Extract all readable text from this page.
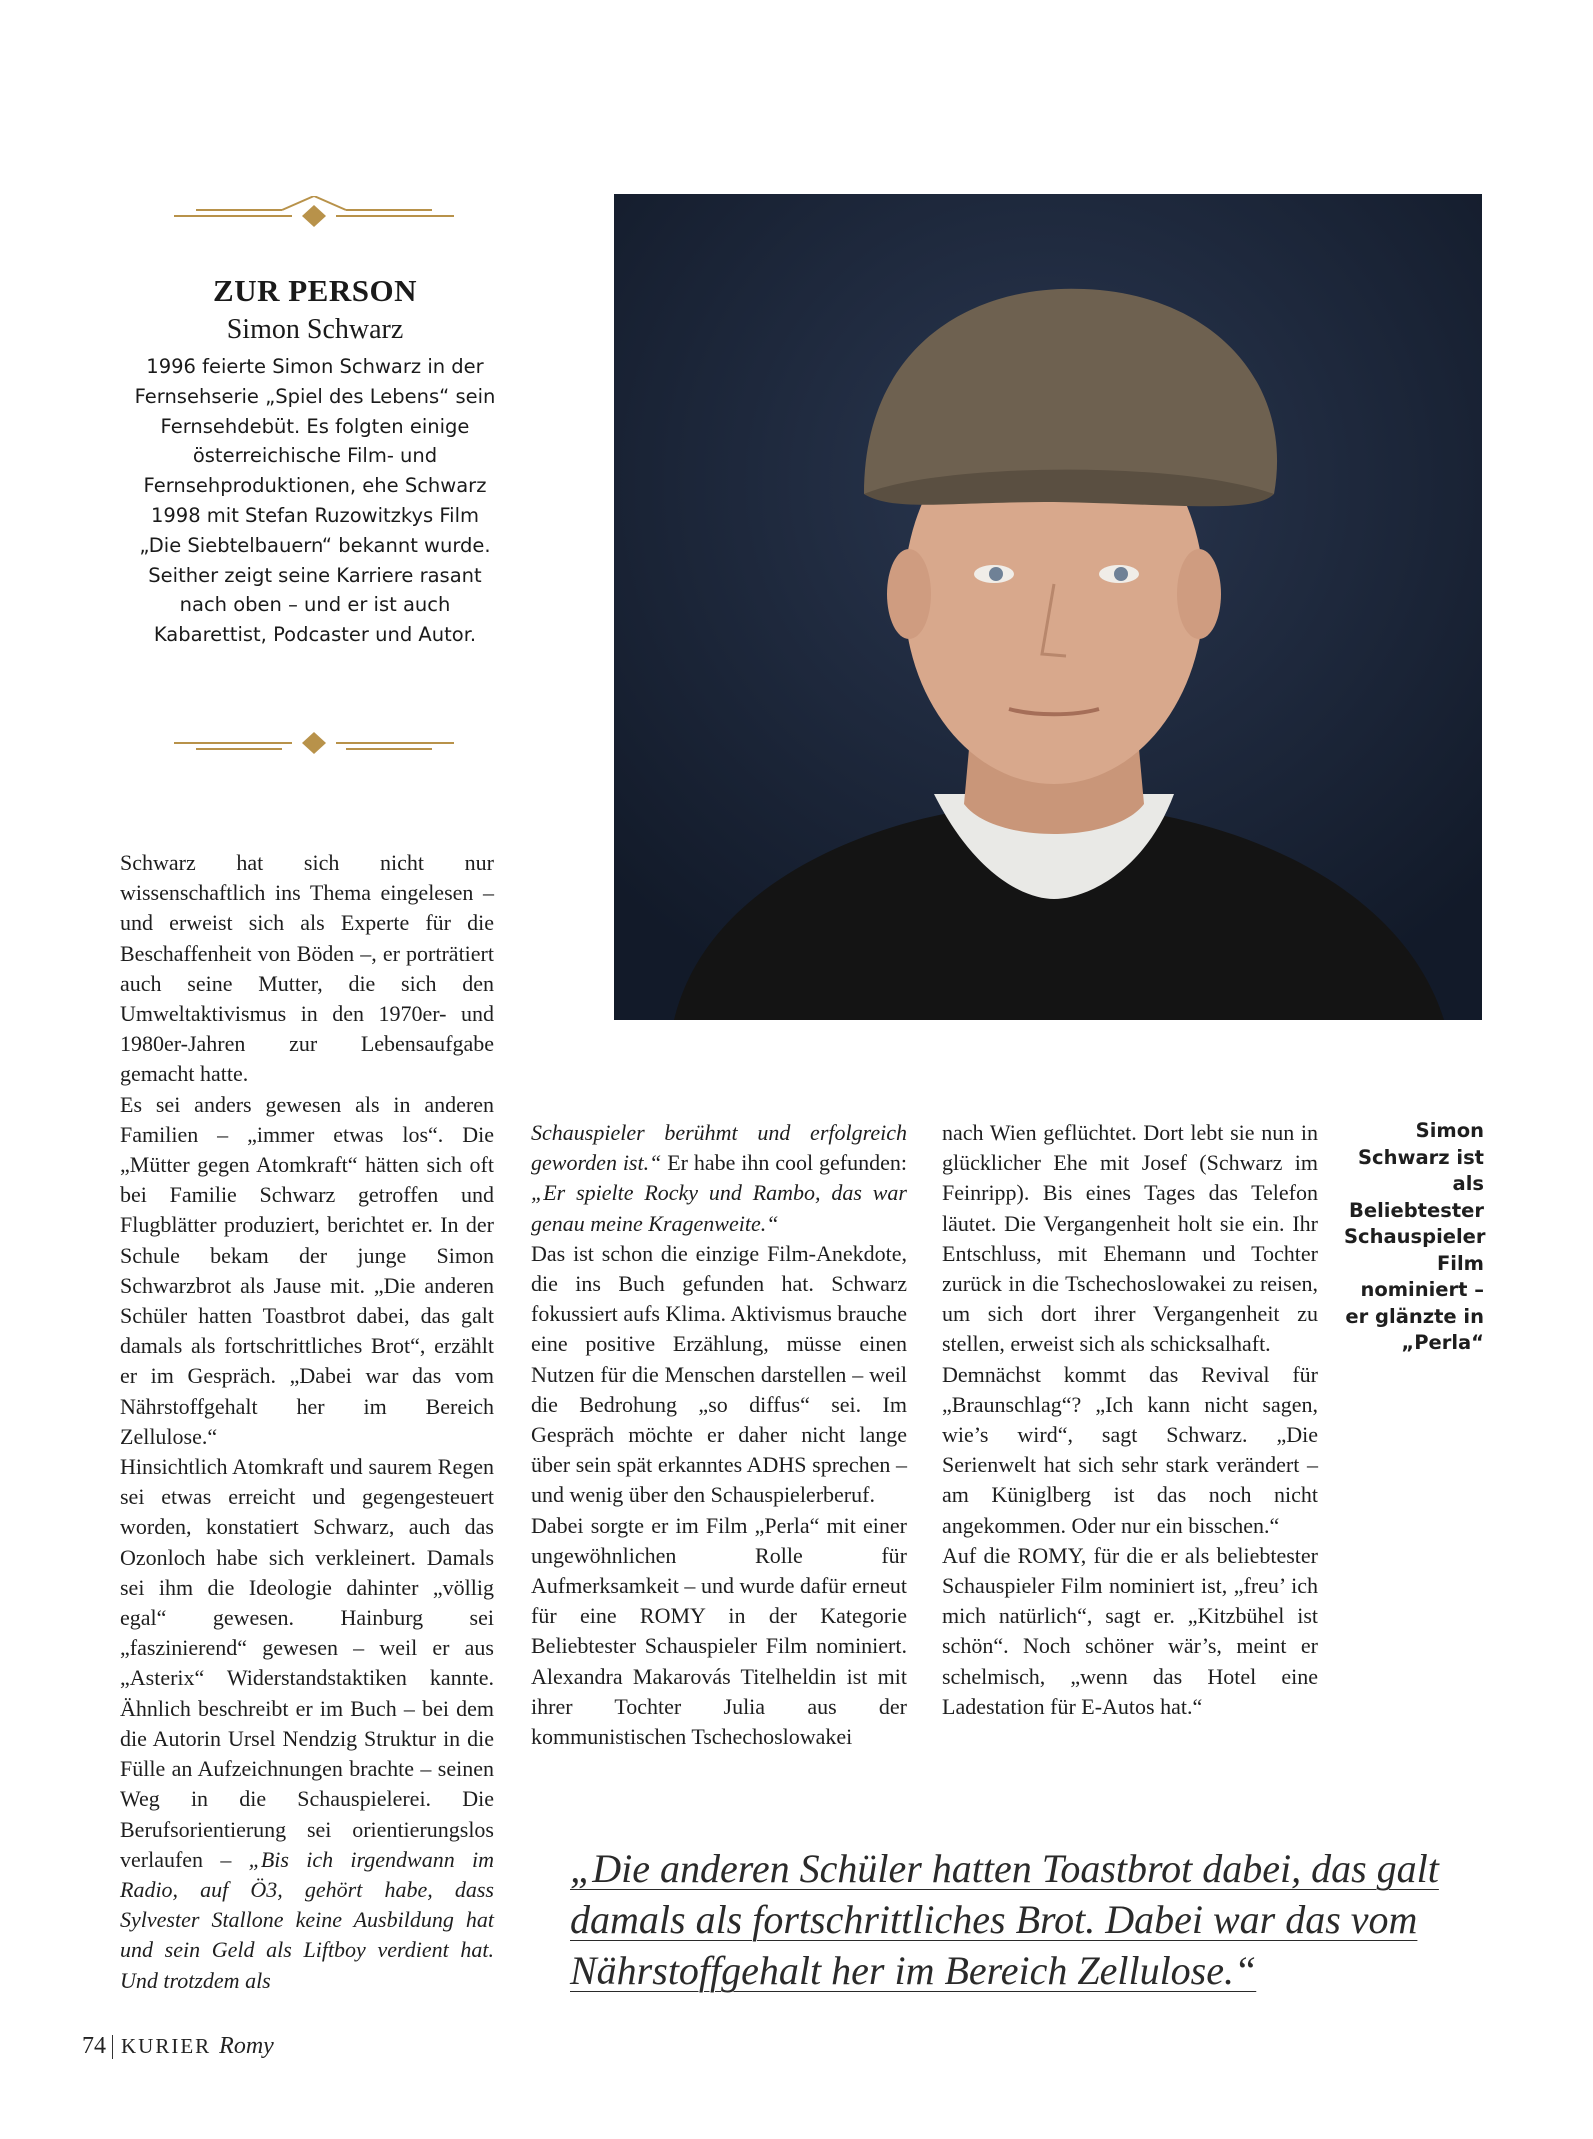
ZUR PERSON
Simon Schwarz

1996 feierte Simon Schwarz in der Fernsehserie „Spiel des Lebens“ sein Fernsehdebüt. Es folgten einige österreichische Film- und Fernsehproduktionen, ehe Schwarz 1998 mit Stefan Ruzowitzkys Film „Die Siebtelbauern“ bekannt wurde. Seither zeigt seine Karriere rasant nach oben – und er ist auch Kabarettist, Podcaster und Autor.

Schwarz hat sich nicht nur wissenschaftlich ins Thema eingelesen – und erweist sich als Experte für die Beschaffenheit von Böden –, er porträtiert auch seine Mutter, die sich den Umweltaktivismus in den 1970er- und 1980er-Jahren zur Lebensaufgabe gemacht hatte.

Es sei anders gewesen als in anderen Familien – „immer etwas los“. Die „Mütter gegen Atomkraft“ hätten sich oft bei Familie Schwarz getroffen und Flugblätter produziert, berichtet er. In der Schule bekam der junge Simon Schwarzbrot als Jause mit. „Die anderen Schüler hatten Toastbrot dabei, das galt damals als fortschrittliches Brot“, erzählt er im Gespräch. „Dabei war das vom Nährstoffgehalt her im Bereich Zellulose.“

Hinsichtlich Atomkraft und saurem Regen sei etwas erreicht und gegengesteuert worden, konstatiert Schwarz, auch das Ozonloch habe sich verkleinert. Damals sei ihm die Ideologie dahinter „völlig egal“ gewesen. Hainburg sei „faszinierend“ gewesen – weil er aus „Asterix“ Widerstandstaktiken kannte. Ähnlich beschreibt er im Buch – bei dem die Autorin Ursel Nendzig Struktur in die Fülle an Aufzeichnungen brachte – seinen Weg in die Schauspielerei. Die Berufsorientierung sei orientierungslos verlaufen – „Bis ich irgendwann im Radio, auf Ö3, gehört habe, dass Sylvester Stallone keine Ausbildung hat und sein Geld als Liftboy verdient hat. Und trotzdem als

Schauspieler berühmt und erfolgreich geworden ist.“ Er habe ihn cool gefunden: „Er spielte Rocky und Rambo, das war genau meine Kragenweite.“

Das ist schon die einzige Film-Anekdote, die ins Buch gefunden hat. Schwarz fokussiert aufs Klima. Aktivismus brauche eine positive Erzählung, müsse einen Nutzen für die Menschen darstellen – weil die Bedrohung „so diffus“ sei. Im Gespräch möchte er daher nicht lange über sein spät erkanntes ADHS sprechen – und wenig über den Schauspielerberuf.

Dabei sorgte er im Film „Perla“ mit einer ungewöhnlichen Rolle für Aufmerksamkeit – und wurde dafür erneut für eine ROMY in der Kategorie Beliebtester Schauspieler Film nominiert. Alexandra Makarovás Titelheldin ist mit ihrer Tochter Julia aus der kommunistischen Tschechoslowakei

nach Wien geflüchtet. Dort lebt sie nun in glücklicher Ehe mit Josef (Schwarz im Feinripp). Bis eines Tages das Telefon läutet. Die Vergangenheit holt sie ein. Ihr Entschluss, mit Ehemann und Tochter zurück in die Tschechoslowakei zu reisen, um sich dort ihrer Vergangenheit zu stellen, erweist sich als schicksalhaft.

Demnächst kommt das Revival für „Braunschlag“? „Ich kann nicht sagen, wie’s wird“, sagt Schwarz. „Die Serienwelt hat sich sehr stark verändert – am Küniglberg ist das noch nicht angekommen. Oder nur ein bisschen.“

Auf die ROMY, für die er als beliebtester Schauspieler Film nominiert ist, „freu’ ich mich natürlich“, sagt er. „Kitzbühel ist schön“. Noch schöner wär’s, meint er schelmisch, „wenn das Hotel eine Ladestation für E-Autos hat.“

Simon Schwarz ist als Beliebtester Schauspieler Film nominiert – er glänzte in „Perla“
„Die anderen Schüler hatten Toastbrot dabei, das galt damals als fortschrittliches Brot. Dabei war das vom Nährstoffgehalt her im Bereich Zellulose.“
74 KURIER Romy
